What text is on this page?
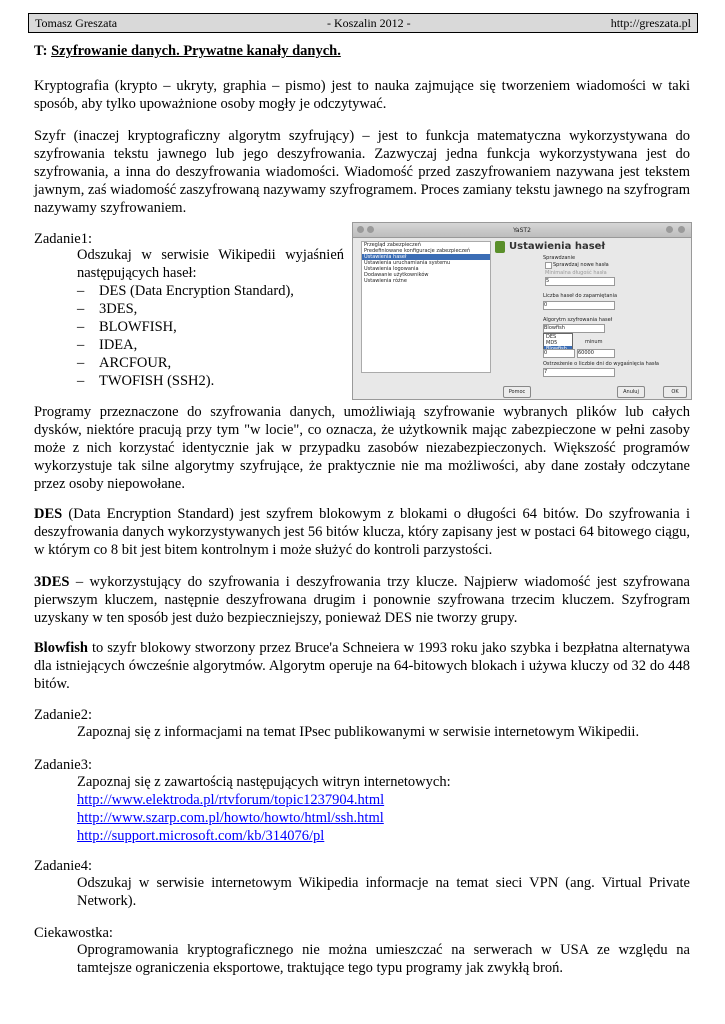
Tomasz Greszata	- Koszalin 2012 -	http://greszata.pl
T: Szyfrowanie danych. Prywatne kanały danych.
Kryptografia (krypto – ukryty, graphia – pismo) jest to nauka zajmujące się tworzeniem wiadomości w taki sposób, aby tylko upoważnione osoby mogły je odczytywać.
Szyfr (inaczej kryptograficzny algorytm szyfrujący) – jest to funkcja matematyczna wykorzystywana do szyfrowania tekstu jawnego lub jego deszyfrowania. Zazwyczaj jedna funkcja wykorzystywana jest do szyfrowania, a inna do deszyfrowania wiadomości. Wiadomość przed zaszyfrowaniem nazywana jest tekstem jawnym, zaś wiadomość zaszyfrowaną nazywamy szyfrogramem. Proces zamiany tekstu jawnego na szyfrogram nazywamy szyfrowaniem.
Zadanie1:
Odszukaj w serwisie Wikipedii wyjaśnień następujących haseł:
– DES (Data Encryption Standard),
– 3DES,
– BLOWFISH,
– IDEA,
– ARCFOUR,
– TWOFISH (SSH2).
YaST2
Przegląd zabezpieczeń
Predefiniowane konfiguracje zabezpieczeń
Ustawienia haseł
Ustawienia uruchamiania systemu
Ustawienia logowania
Dodawanie użytkowników
Ustawienia różne
Ustawienia haseł
Sprawdzanie
Sprawdzaj nowe hasła
Minimalna długość hasła
5
Liczba haseł do zapamiętania
0
Algorytm szyfrowania haseł
Blowfish
DES
MD5	minum
0	60000
Ostrzeżenie o liczbie dni do wygaśnięcia hasła
7
Pomoc	Anuluj	OK
Programy przeznaczone do szyfrowania danych, umożliwiają szyfrowanie wybranych plików lub całych dysków, niektóre pracują przy tym "w locie", co oznacza, że użytkownik mając zabezpieczone w pełni zasoby może z nich korzystać identycznie jak w przypadku zasobów niezabezpieczonych. Większość programów wykorzystuje tak silne algorytmy szyfrujące, że praktycznie nie ma możliwości, aby dane zostały odczytane przez osoby niepowołane.
DES (Data Encryption Standard) jest szyfrem blokowym z blokami o długości 64 bitów. Do szyfrowania i deszyfrowania danych wykorzystywanych jest 56 bitów klucza, który zapisany jest w postaci 64 bitowego ciągu, w którym co 8 bit jest bitem kontrolnym i może służyć do kontroli parzystości.
3DES – wykorzystujący do szyfrowania i deszyfrowania trzy klucze. Najpierw wiadomość jest szyfrowana pierwszym kluczem, następnie deszyfrowana drugim i ponownie szyfrowana trzecim kluczem. Szyfrogram uzyskany w ten sposób jest dużo bezpieczniejszy, ponieważ DES nie tworzy grupy.
Blowfish to szyfr blokowy stworzony przez Bruce'a Schneiera w 1993 roku jako szybka i bezpłatna alternatywa dla istniejących ówcześnie algorytmów. Algorytm operuje na 64-bitowych blokach i używa kluczy od 32 do 448 bitów.
Zadanie2:
Zapoznaj się z informacjami na temat IPsec publikowanymi w serwisie internetowym Wikipedii.
Zadanie3:
Zapoznaj się z zawartością następujących witryn internetowych:
http://www.elektroda.pl/rtvforum/topic1237904.html
http://www.szarp.com.pl/howto/howto/html/ssh.html
http://support.microsoft.com/kb/314076/pl
Zadanie4:
Odszukaj w serwisie internetowym Wikipedia informacje na temat sieci VPN (ang. Virtual Private Network).
Ciekawostka:
Oprogramowania kryptograficznego nie można umieszczać na serwerach w USA ze względu na tamtejsze ograniczenia eksportowe, traktujące tego typu programy jak zwykłą broń.
